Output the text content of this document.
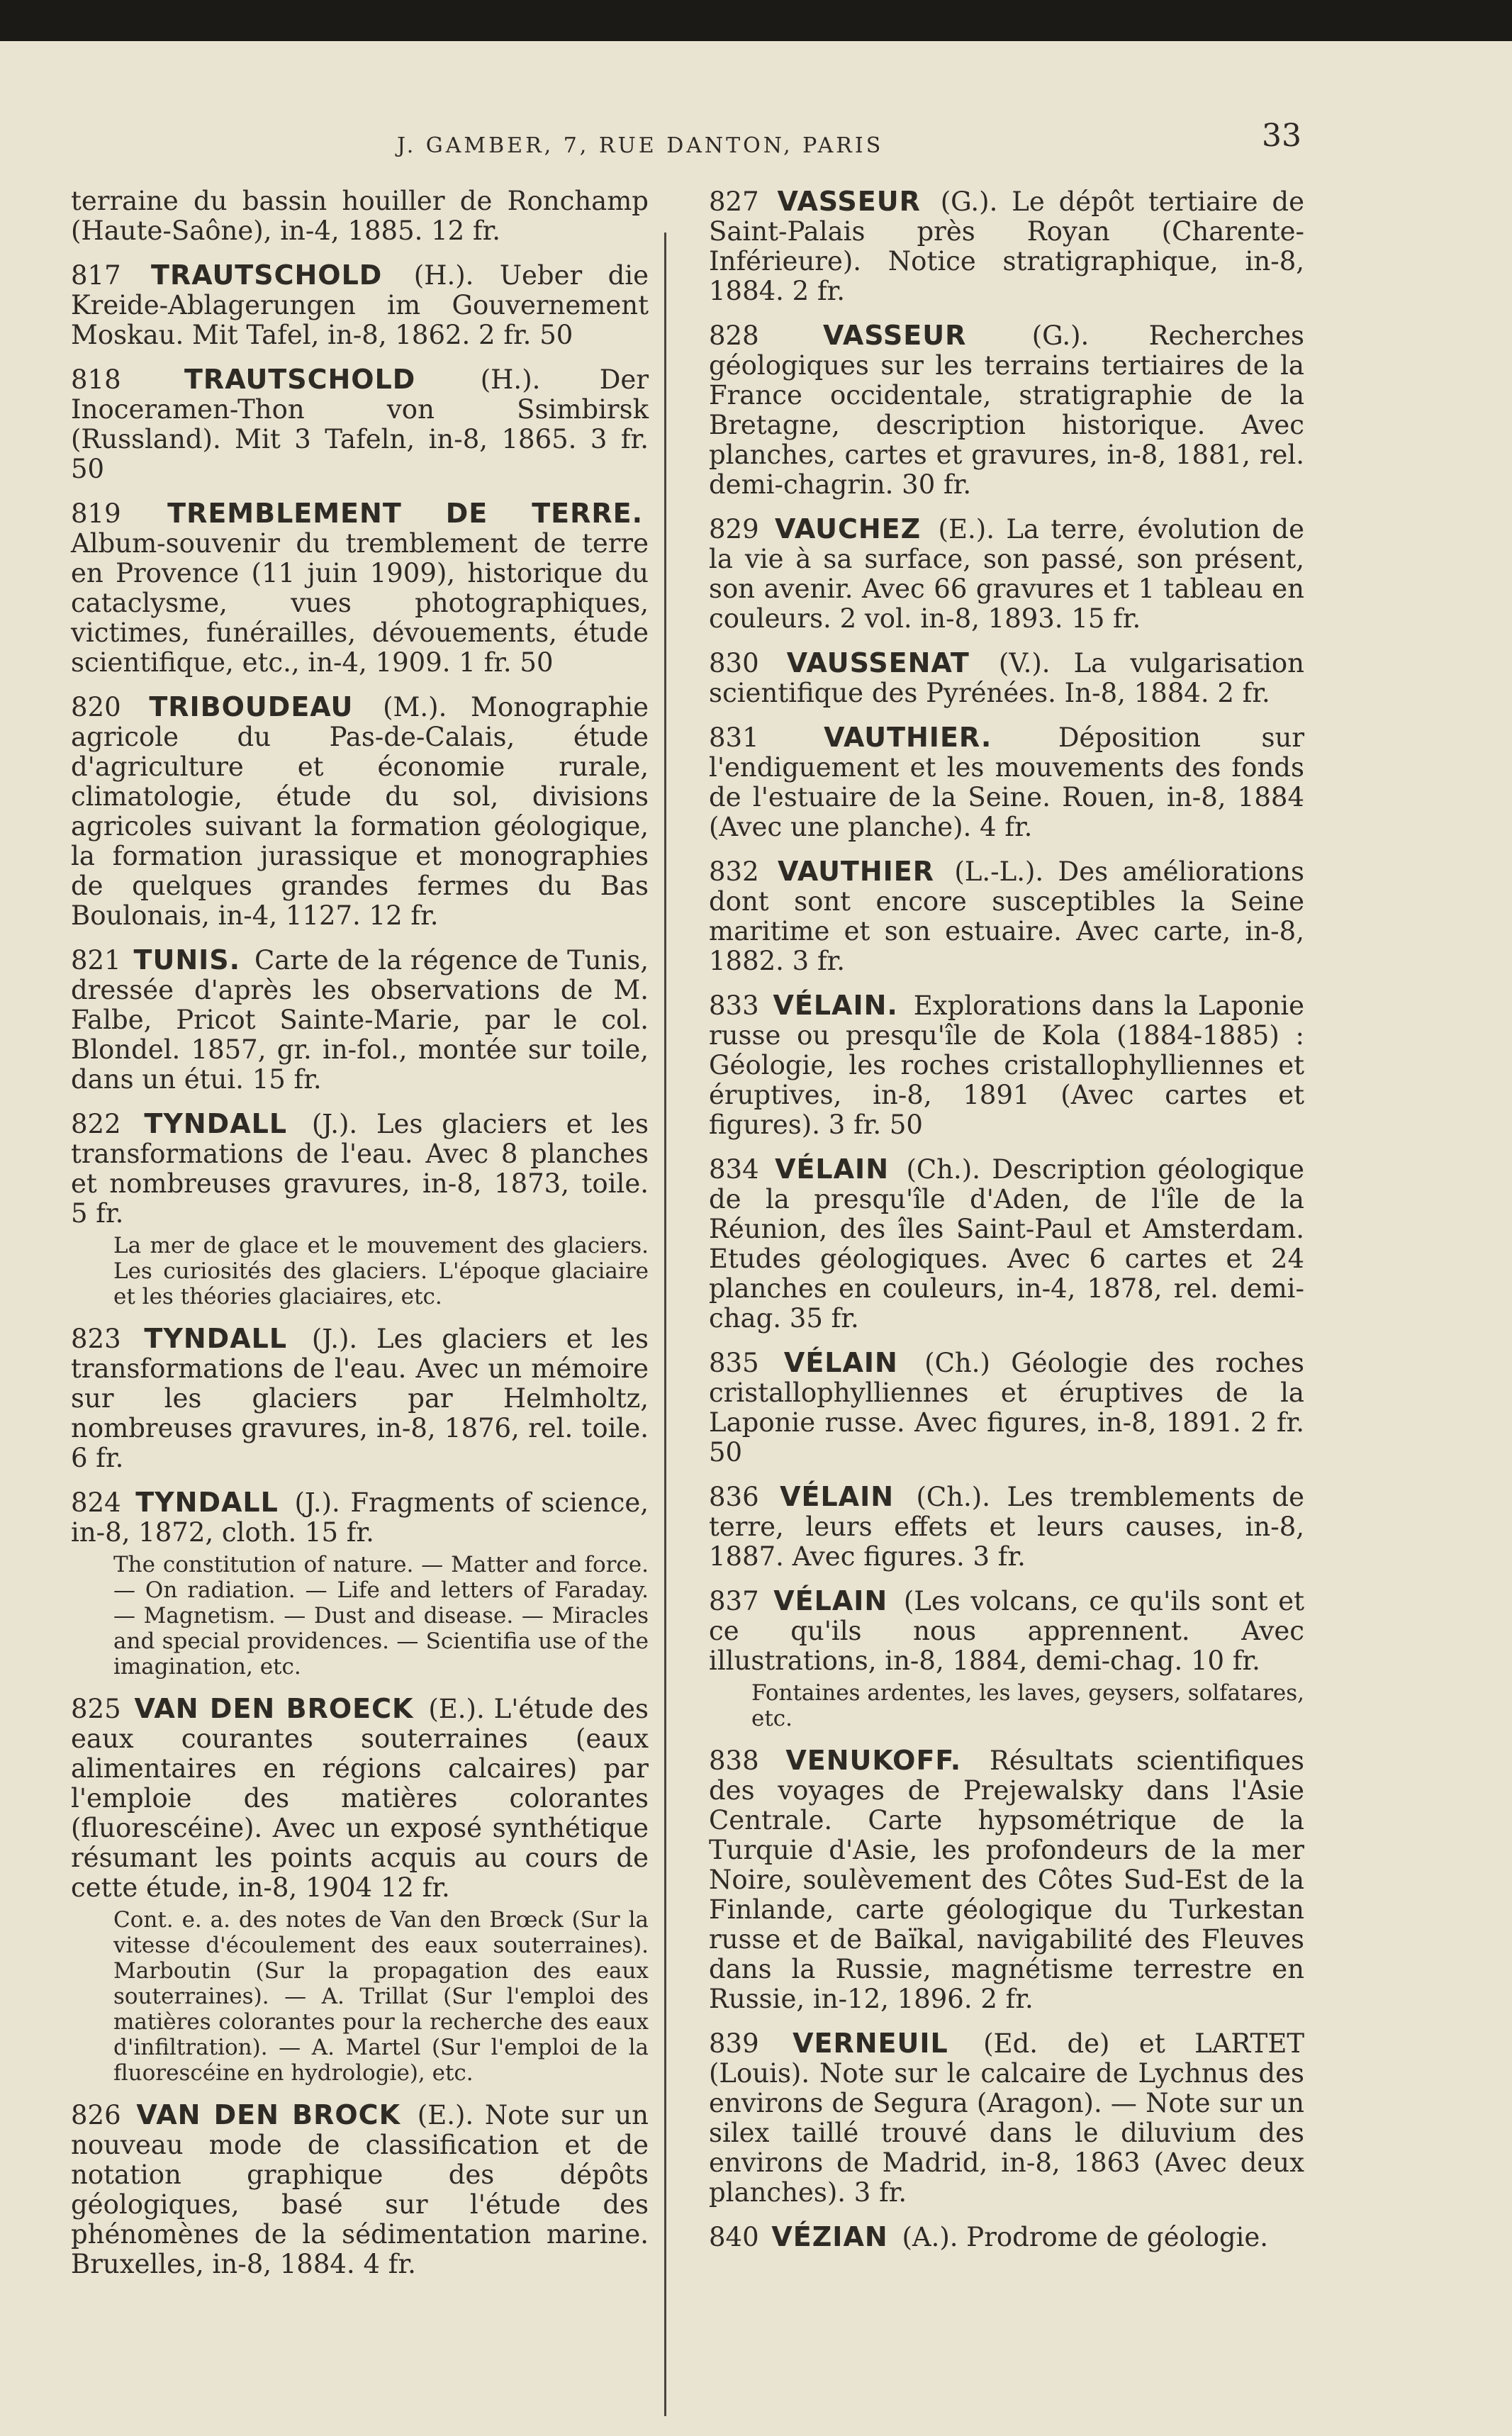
J. GAMBER, 7, RUE DANTON, PARIS	33
terraine du bassin houiller de Ronchamp (Haute-Saône), in-4, 1885. 12 fr.
817 TRAUTSCHOLD (H.). Ueber die Kreide-Ablagerungen im Gouvernement Moskau. Mit Tafel, in-8, 1862. 2 fr. 50
818 TRAUTSCHOLD (H.). Der Inoceramen-Thon von Ssimbirsk (Russland). Mit 3 Tafeln, in-8, 1865. 3 fr. 50
819 TREMBLEMENT DE TERRE. Album-souvenir du tremblement de terre en Provence (11 juin 1909), historique du cataclysme, vues photographiques, victimes, funérailles, dévouements, étude scientifique, etc., in-4, 1909. 1 fr. 50
820 TRIBOUDEAU (M.). Monographie agricole du Pas-de-Calais, étude d'agriculture et économie rurale, climatologie, étude du sol, divisions agricoles suivant la formation géologique, la formation jurassique et monographies de quelques grandes fermes du Bas Boulonais, in-4, 1127. 12 fr.
821 TUNIS. Carte de la régence de Tunis, dressée d'après les observations de M. Falbe, Pricot Sainte-Marie, par le col. Blondel. 1857, gr. in-fol., montée sur toile, dans un étui. 15 fr.
822 TYNDALL (J.). Les glaciers et les transformations de l'eau. Avec 8 planches et nombreuses gravures, in-8, 1873, toile. 5 fr.
La mer de glace et le mouvement des glaciers. Les curiosités des glaciers. L'époque glaciaire et les théories glaciaires, etc.
823 TYNDALL (J.). Les glaciers et les transformations de l'eau. Avec un mémoire sur les glaciers par Helmholtz, nombreuses gravures, in-8, 1876, rel. toile. 6 fr.
824 TYNDALL (J.). Fragments of science, in-8, 1872, cloth. 15 fr.
The constitution of nature. — Matter and force. — On radiation. — Life and letters of Faraday. — Magnetism. — Dust and disease. — Miracles and special providences. — Scientifia use of the imagination, etc.
825 VAN DEN BROECK (E.). L'étude des eaux courantes souterraines (eaux alimentaires en régions calcaires) par l'emploie des matières colorantes (fluorescéine). Avec un exposé synthétique résumant les points acquis au cours de cette étude, in-8, 1904 12 fr.
Cont. e. a. des notes de Van den Brœck (Sur la vitesse d'écoulement des eaux souterraines). Marboutin (Sur la propagation des eaux souterraines). — A. Trillat (Sur l'emploi des matières colorantes pour la recherche des eaux d'infiltration). — A. Martel (Sur l'emploi de la fluorescéine en hydrologie), etc.
826 VAN DEN BROCK (E.). Note sur un nouveau mode de classification et de notation graphique des dépôts géologiques, basé sur l'étude des phénomènes de la sédimentation marine. Bruxelles, in-8, 1884. 4 fr.
827 VASSEUR (G.). Le dépôt tertiaire de Saint-Palais près Royan (Charente-Inférieure). Notice stratigraphique, in-8, 1884. 2 fr.
828 VASSEUR (G.). Recherches géologiques sur les terrains tertiaires de la France occidentale, stratigraphie de la Bretagne, description historique. Avec planches, cartes et gravures, in-8, 1881, rel. demi-chagrin. 30 fr.
829 VAUCHEZ (E.). La terre, évolution de la vie à sa surface, son passé, son présent, son avenir. Avec 66 gravures et 1 tableau en couleurs. 2 vol. in-8, 1893. 15 fr.
830 VAUSSENAT (V.). La vulgarisation scientifique des Pyrénées. In-8, 1884. 2 fr.
831 VAUTHIER.	Déposition sur l'endiguement et les mouvements des fonds de l'estuaire de la Seine. Rouen, in-8, 1884 (Avec une planche). 4 fr.
832 VAUTHIER (L.-L.). Des améliorations dont sont encore susceptibles la Seine maritime et son estuaire. Avec carte, in-8, 1882. 3 fr.
833 VÉLAIN. Explorations dans la Laponie russe ou presqu'île de Kola (1884-1885) : Géologie, les roches cristallophylliennes et éruptives, in-8, 1891 (Avec cartes et figures). 3 fr. 50
834 VÉLAIN (Ch.). Description géologique de la presqu'île d'Aden, de l'île de la Réunion, des îles Saint-Paul et Amsterdam. Etudes géologiques. Avec 6 cartes et 24 planches en couleurs, in-4, 1878, rel. demi-chag. 35 fr.
835 VÉLAIN (Ch.) Géologie des roches cristallophylliennes et éruptives de la Laponie russe. Avec figures, in-8, 1891. 2 fr. 50
836 VÉLAIN (Ch.). Les tremblements de terre, leurs effets et leurs causes, in-8, 1887. Avec figures. 3 fr.
837 VÉLAIN (Les volcans, ce qu'ils sont et ce qu'ils nous apprennent. Avec illustrations, in-8, 1884, demi-chag. 10 fr.
Fontaines ardentes, les laves, geysers, solfatares, etc.
838 VENUKOFF. Résultats scientifiques des voyages de Prejewalsky dans l'Asie Centrale. Carte hypsométrique de la Turquie d'Asie, les profondeurs de la mer Noire, soulèvement des Côtes Sud-Est de la Finlande, carte géologique du Turkestan russe et de Baïkal, navigabilité des Fleuves dans la Russie, magnétisme terrestre en Russie, in-12, 1896. 2 fr.
839 VERNEUIL (Ed. de) et LARTET (Louis). Note sur le calcaire de Lychnus des environs de Segura (Aragon). — Note sur un silex taillé trouvé dans le diluvium des environs de Madrid, in-8, 1863 (Avec deux planches). 3 fr.
840 VÉZIAN (A.). Prodrome de géologie.
